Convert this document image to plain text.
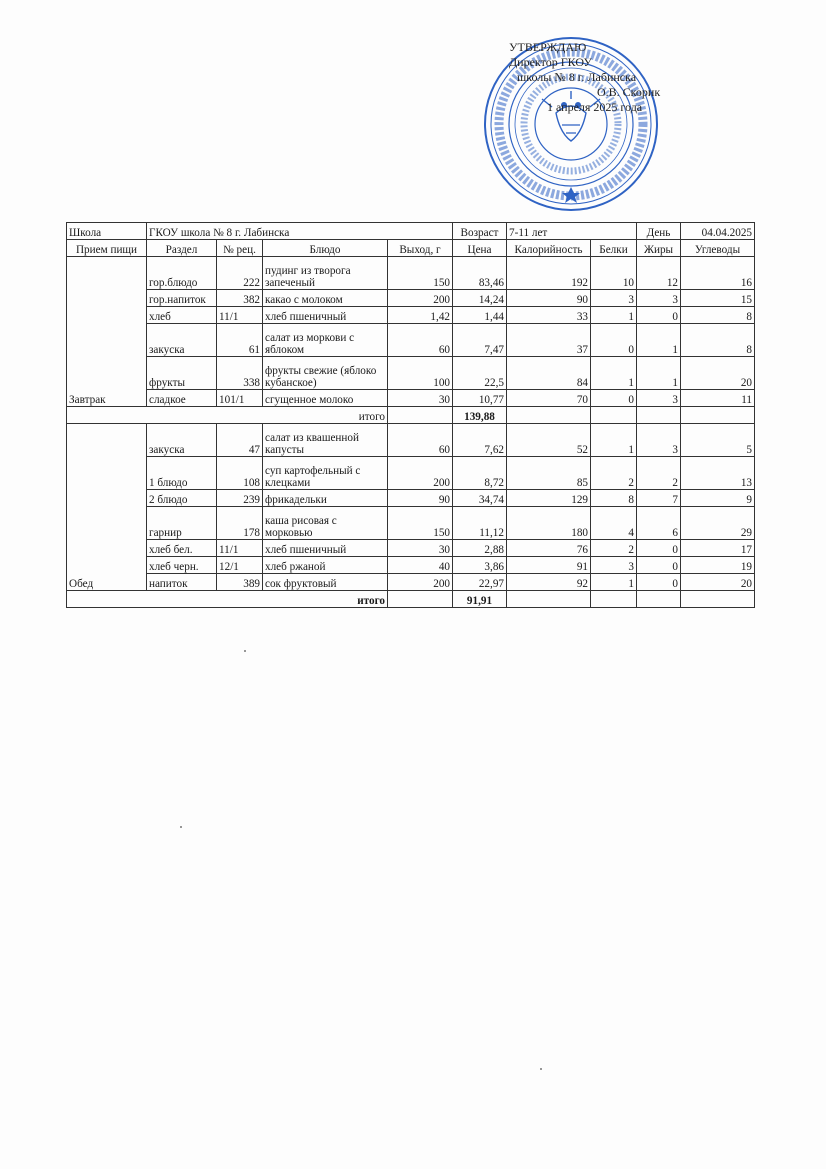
УТВЕРЖДАЮ
Директор ГКОУ
школы № 8 г. Лабинска
О.В. Скорик
1 апреля 2025 года
Школа	ГКОУ школа № 8 г. Лабинска				Возраст	7-11 лет		День	04.04.2025
Прием пищи	Раздел	№ рец.	Блюдо	Выход, г	Цена	Калорийность	Белки	Жиры	Углеводы
Завтрак	гор.блюдо	222	пудинг из творога запеченый	150	83,46	192	10	12	16
	гор.напиток	382	какао с молоком	200	14,24	90	3	3	15
	хлеб	11/1	хлеб пшеничный	1,42	1,44	33	1	0	8
	закуска	61	салат из моркови с яблоком	60	7,47	37	0	1	8
	фрукты	338	фрукты свежие (яблоко кубанское)	100	22,5	84	1	1	20
	сладкое	101/1	сгущенное молоко	30	10,77	70	0	3	11
итого					139,88				
Обед	закуска	47	салат из квашенной капусты	60	7,62	52	1	3	5
	1 блюдо	108	суп картофельный с клецками	200	8,72	85	2	2	13
	2 блюдо	239	фрикадельки	90	34,74	129	8	7	9
	гарнир	178	каша рисовая с морковью	150	11,12	180	4	6	29
	хлеб бел.	11/1	хлеб пшеничный	30	2,88	76	2	0	17
	хлеб черн.	12/1	хлеб ржаной	40	3,86	91	3	0	19
	напиток	389	сок фруктовый	200	22,97	92	1	0	20
итого					91,91				
